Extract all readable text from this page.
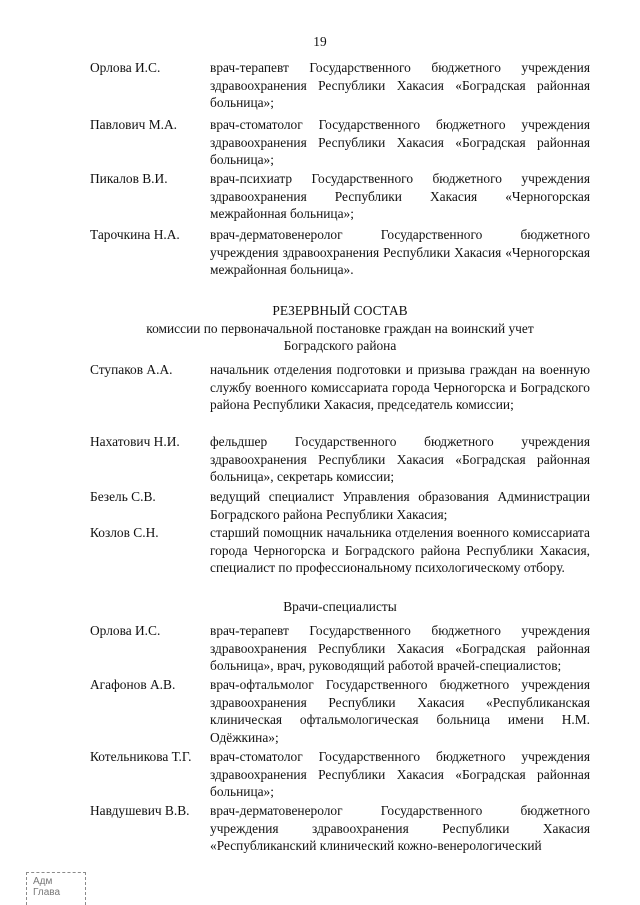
19
Орлова И.С.	врач-терапевт Государственного бюджетного учреждения здравоохранения Республики Хакасия «Боградская районная больница»;
Павлович М.А. врач-стоматолог Государственного бюджетного учреждения здравоохранения Республики Хакасия «Боградская районная больница»;
Пикалов В.И.	врач-психиатр Государственного бюджетного учреждения здравоохранения Республики Хакасия «Черногорская межрайонная больница»;
Тарочкина Н.А. врач-дерматовенеролог Государственного бюджетного учреждения здравоохранения Республики Хакасия «Черногорская межрайонная больница».
РЕЗЕРВНЫЙ СОСТАВ
комиссии по первоначальной постановке граждан на воинский учет
Боградского района
Ступаков А.А.	начальник отделения подготовки и призыва граждан на военную службу военного комиссариата города Черногорска и Боградского района Республики Хакасия, председатель комиссии;
Нахатович Н.И. фельдшер Государственного бюджетного учреждения здравоохранения Республики Хакасия «Боградская районная больница», секретарь комиссии;
Безель С.В.	ведущий специалист Управления образования Администрации Боградского района Республики Хакасия;
Козлов С.Н.	старший помощник начальника отделения военного комиссариата города Черногорска и Боградского района Республики Хакасия, специалист по профессиональному психологическому отбору.
Врачи-специалисты
Орлова И.С.	врач-терапевт Государственного бюджетного учреждения здравоохранения Республики Хакасия «Боградская районная больница», врач, руководящий работой врачей-специалистов;
Агафонов А.В.	врач-офтальмолог Государственного бюджетного учреждения здравоохранения Республики Хакасия «Республиканская клиническая офтальмологическая больница имени Н.М. Одёжкина»;
Котельникова Т.Г. врач-стоматолог Государственного бюджетного учреждения здравоохранения Республики Хакасия «Боградская районная больница»;
Навдушевич В.В. врач-дерматовенеролог Государственного бюджетного учреждения здравоохранения Республики Хакасия «Республиканский клинический кожно-венерологический
Адм
Глава
